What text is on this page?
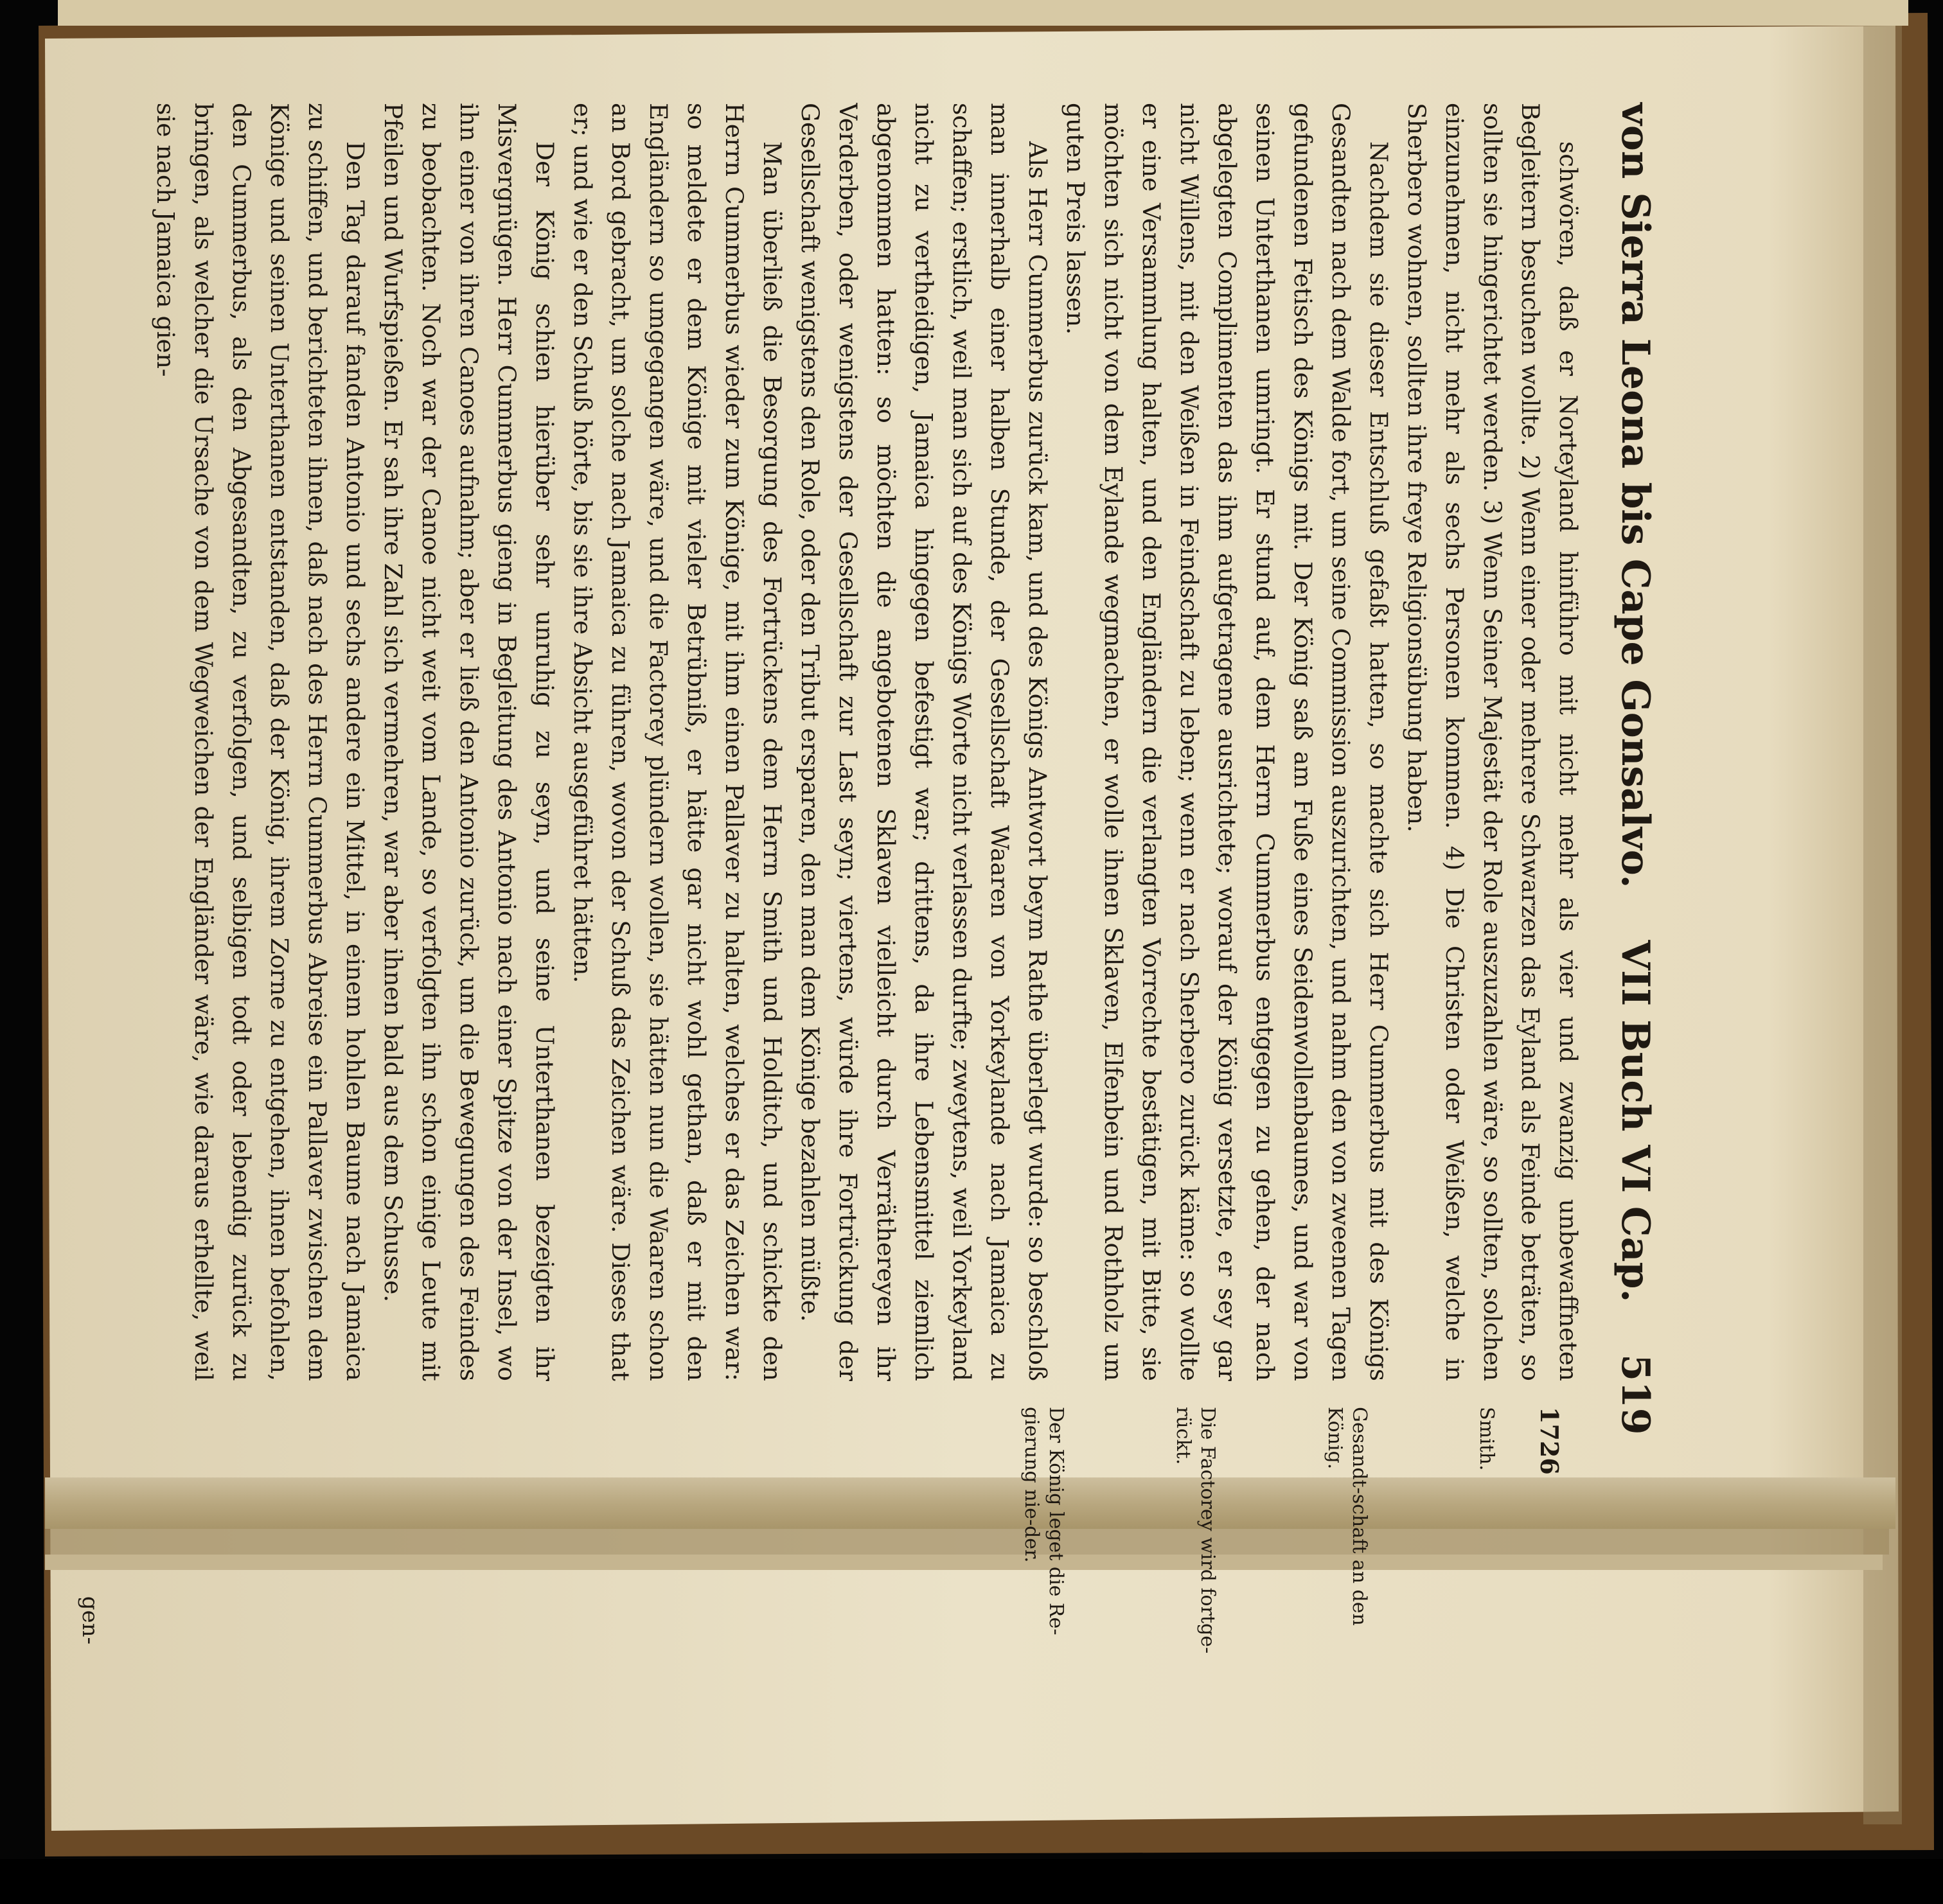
von Sierra Leona bis Cape Gonsalvo. VII Buch VI Cap. 519

schwören, daß er Norteyland hinführo mit nicht mehr als vier und zwanzig unbewaffneten Begleitern besuchen wollte. 2) Wenn einer oder mehrere Schwarzen das Eyland als Feinde beträten, so sollten sie hingerichtet werden. 3) Wenn Seiner Majestät der Role auszuzahlen wäre, so sollten, solchen einzunehmen, nicht mehr als sechs Personen kommen. 4) Die Christen oder Weißen, welche in Sherbero wohnen, sollten ihre freye Religionsübung haben.

Nachdem sie dieser Entschluß gefaßt hatten, so machte sich Herr Cummerbus mit des Königs Gesandten nach dem Walde fort, um seine Commission auszurichten, und nahm den von zweenen Tagen gefundenen Fetisch des Königs mit. Der König saß am Fuße eines Seidenwollenbaumes, und war von seinen Unterthanen umringt. Er stund auf, dem Herrn Cummerbus entgegen zu gehen, der nach abgelegten Complimenten das ihm aufgetragene ausrichtete; worauf der König versetzte, er sey gar nicht Willens, mit den Weißen in Feindschaft zu leben; wenn er nach Sherbero zurück käme: so wollte er eine Versammlung halten, und den Engländern die verlangten Vorrechte bestätigen, mit Bitte, sie möchten sich nicht von dem Eylande wegmachen, er wolle ihnen Sklaven, Elfenbein und Rothholz um guten Preis lassen.

Als Herr Cummerbus zurück kam, und des Königs Antwort beym Rathe überlegt wurde: so beschloß man innerhalb einer halben Stunde, der Gesellschaft Waaren von Yorkeylande nach Jamaica zu schaffen; erstlich, weil man sich auf des Königs Worte nicht verlassen durfte; zweytens, weil Yorkeyland nicht zu vertheidigen, Jamaica hingegen befestigt war; drittens, da ihre Lebensmittel ziemlich abgenommen hatten: so möchten die angebotenen Sklaven vielleicht durch Verräthereyen ihr Verderben, oder wenigstens der Gesellschaft zur Last seyn; viertens, würde ihre Fortrückung der Gesellschaft wenigstens den Role, oder den Tribut ersparen, den man dem Könige bezahlen müßte.

Man überließ die Besorgung des Fortrückens dem Herrn Smith und Holditch, und schickte den Herrn Cummerbus wieder zum Könige, mit ihm einen Pallaver zu halten, welches er das Zeichen war: so meldete er dem Könige mit vieler Betrübniß, er hätte gar nicht wohl gethan, daß er mit den Engländern so umgegangen wäre, und die Factorey plündern wollen, sie hätten nun die Waaren schon an Bord gebracht, um solche nach Jamaica zu führen, wovon der Schuß das Zeichen wäre. Dieses that er; und wie er den Schuß hörte, bis sie ihre Absicht ausgeführet hätten.

Der König schien hierüber sehr unruhig zu seyn, und seine Unterthanen bezeigten ihr Misvergnügen. Herr Cummerbus gieng in Begleitung des Antonio nach einer Spitze von der Insel, wo ihn einer von ihren Canoes aufnahm; aber er ließ den Antonio zurück, um die Bewegungen des Feindes zu beobachten. Noch war der Canoe nicht weit vom Lande, so verfolgten ihn schon einige Leute mit Pfeilen und Wurfspießen. Er sah ihre Zahl sich vermehren, war aber ihnen bald aus dem Schusse.

Den Tag darauf fanden Antonio und sechs andere ein Mittel, in einem hohlen Baume nach Jamaica zu schiffen, und berichteten ihnen, daß nach des Herrn Cummerbus Abreise ein Pallaver zwischen dem Könige und seinen Unterthanen entstanden, daß der König, ihrem Zorne zu entgehen, ihnen befohlen, den Cummerbus, als den Abgesandten, zu verfolgen, und selbigen todt oder lebendig zurück zu bringen, als welcher die Ursache von dem Wegweichen der Engländer wäre, wie daraus erhellte, weil sie nach Jamaica gien-

1726
Smith.
Gesandt-schaft an den König.
Die Factorey wird fortge-rückt.
Der König leget die Re-gierung nie-der.
gen-
